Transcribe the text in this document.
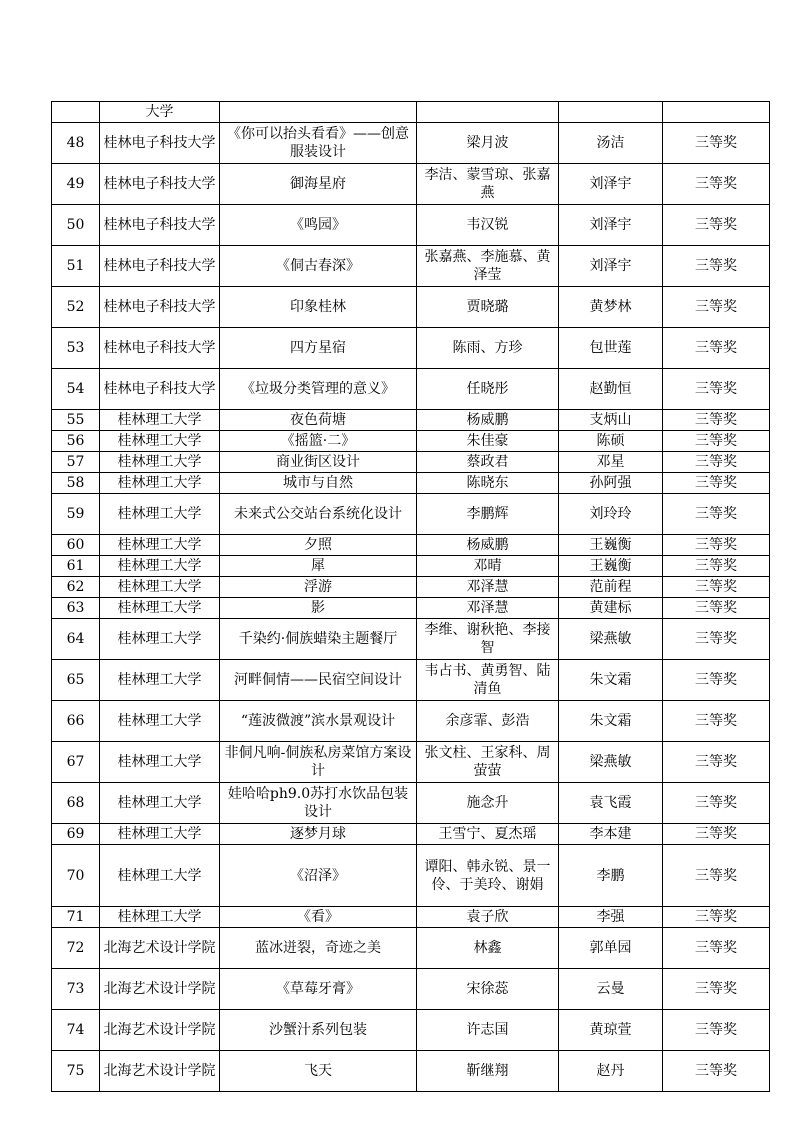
	大学				
48	桂林电子科技大学	《你可以抬头看看》——创意服装设计	梁月波	汤洁	三等奖
49	桂林电子科技大学	御海星府	李洁、蒙雪琼、张嘉燕	刘泽宇	三等奖
50	桂林电子科技大学	《鸣园》	韦汉锐	刘泽宇	三等奖
51	桂林电子科技大学	《侗古春深》	张嘉燕、李施慕、黄泽莹	刘泽宇	三等奖
52	桂林电子科技大学	印象桂林	贾晓璐	黄梦林	三等奖
53	桂林电子科技大学	四方星宿	陈雨、方珍	包世莲	三等奖
54	桂林电子科技大学	《垃圾分类管理的意义》	任晓彤	赵勤恒	三等奖
55	桂林理工大学	夜色荷塘	杨威鹏	支炳山	三等奖
56	桂林理工大学	《摇篮·二》	朱佳豪	陈硕	三等奖
57	桂林理工大学	商业街区设计	蔡政君	邓星	三等奖
58	桂林理工大学	城市与自然	陈晓东	孙阿强	三等奖
59	桂林理工大学	未来式公交站台系统化设计	李鹏辉	刘玲玲	三等奖
60	桂林理工大学	夕照	杨威鹏	王巍衡	三等奖
61	桂林理工大学	犀	邓晴	王巍衡	三等奖
62	桂林理工大学	浮游	邓泽慧	范前程	三等奖
63	桂林理工大学	影	邓泽慧	黄建标	三等奖
64	桂林理工大学	千染约·侗族蜡染主题餐厅	李维、谢秋艳、李接智	梁燕敏	三等奖
65	桂林理工大学	河畔侗情——民宿空间设计	韦占书、黄勇智、陆清鱼	朱文霜	三等奖
66	桂林理工大学	“莲波微渡”滨水景观设计	余彦霏、彭浩	朱文霜	三等奖
67	桂林理工大学	非侗凡响-侗族私房菜馆方案设计	张文柱、王家科、周萤萤	梁燕敏	三等奖
68	桂林理工大学	娃哈哈ph9.0苏打水饮品包装设计	施念升	袁飞霞	三等奖
69	桂林理工大学	逐梦月球	王雪宁、夏杰瑶	李本建	三等奖
70	桂林理工大学	《沼泽》	谭阳、韩永锐、景一伶、于美玲、谢娟	李鹏	三等奖
71	桂林理工大学	《看》	袁子欣	李强	三等奖
72	北海艺术设计学院	蓝冰迸裂，奇迹之美	林鑫	郭单园	三等奖
73	北海艺术设计学院	《草莓牙膏》	宋徐蕊	云曼	三等奖
74	北海艺术设计学院	沙蟹汁系列包装	许志国	黄琼萱	三等奖
75	北海艺术设计学院	飞天	靳继翔	赵丹	三等奖
